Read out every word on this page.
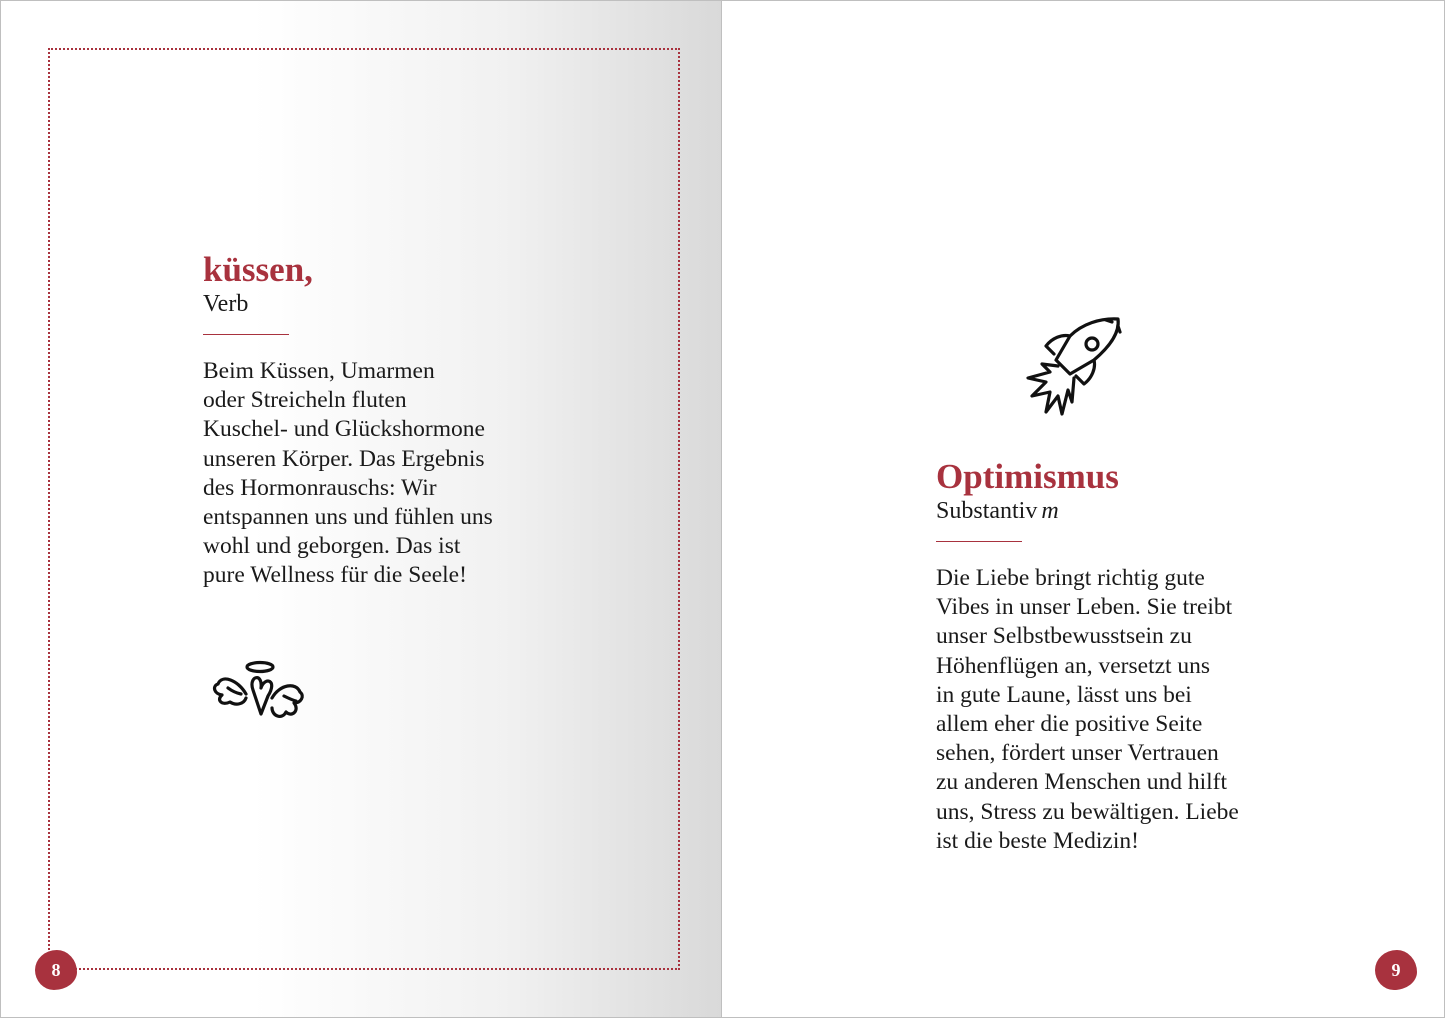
küssen,

Verb

Beim Küssen, Umarmen
oder Streicheln fluten
Kuschel- und Glückshormone
unseren Körper. Das Ergebnis
des Hormonrauschs: Wir
entspannen uns und fühlen uns
wohl und geborgen. Das ist
pure Wellness für die Seele!

Optimismus

Substantiv m

Die Liebe bringt richtig gute
Vibes in unser Leben. Sie treibt
unser Selbstbewusstsein zu
Höhenflügen an, versetzt uns
in gute Laune, lässt uns bei
allem eher die positive Seite
sehen, fördert unser Vertrauen
zu anderen Menschen und hilft
uns, Stress zu bewältigen. Liebe
ist die beste Medizin!

8	9
